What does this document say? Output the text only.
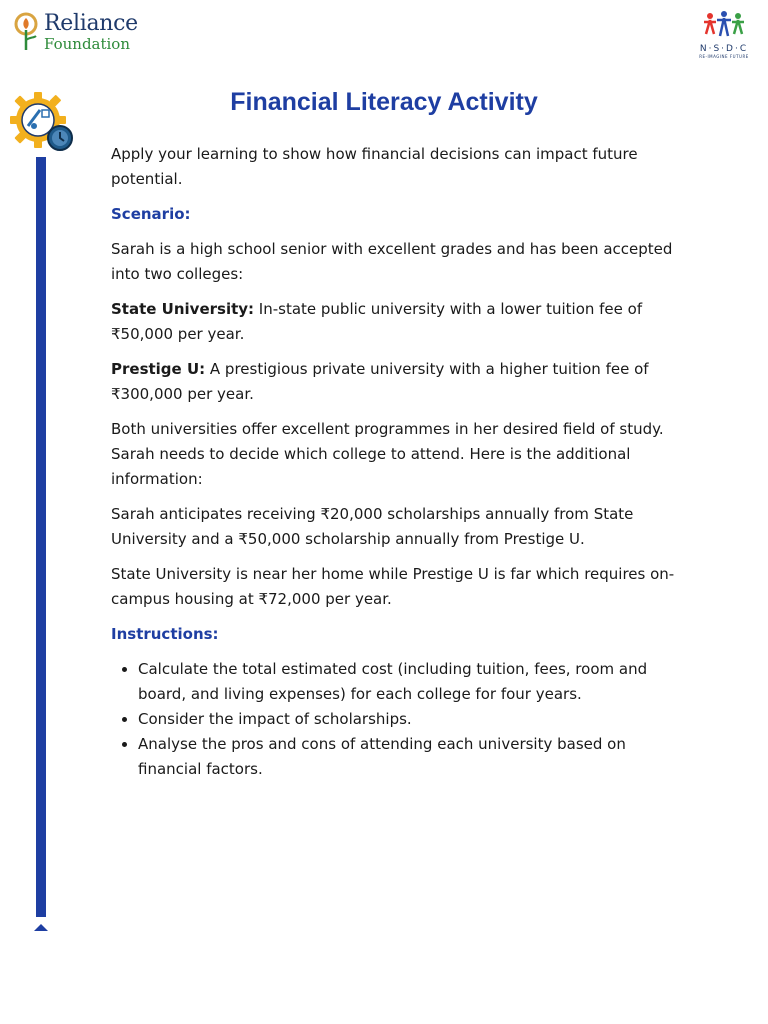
Reliance
Foundation	N·S·D·C
RE-IMAGINE FUTURE
Financial Literacy Activity

Apply your learning to show how financial decisions can impact future potential.

Scenario:

Sarah is a high school senior with excellent grades and has been accepted into two colleges:

State University: In-state public university with a lower tuition fee of ₹50,000 per year.

Prestige U: A prestigious private university with a higher tuition fee of ₹300,000 per year.

Both universities offer excellent programmes in her desired field of study. Sarah needs to decide which college to attend. Here is the additional information:

Sarah anticipates receiving ₹20,000 scholarships annually from State University and a ₹50,000 scholarship annually from Prestige U.

State University is near her home while Prestige U is far which requires on-campus housing at ₹72,000 per year.

Instructions:

• Calculate the total estimated cost (including tuition, fees, room and board, and living expenses) for each college for four years.
• Consider the impact of scholarships.
• Analyse the pros and cons of attending each university based on financial factors.
